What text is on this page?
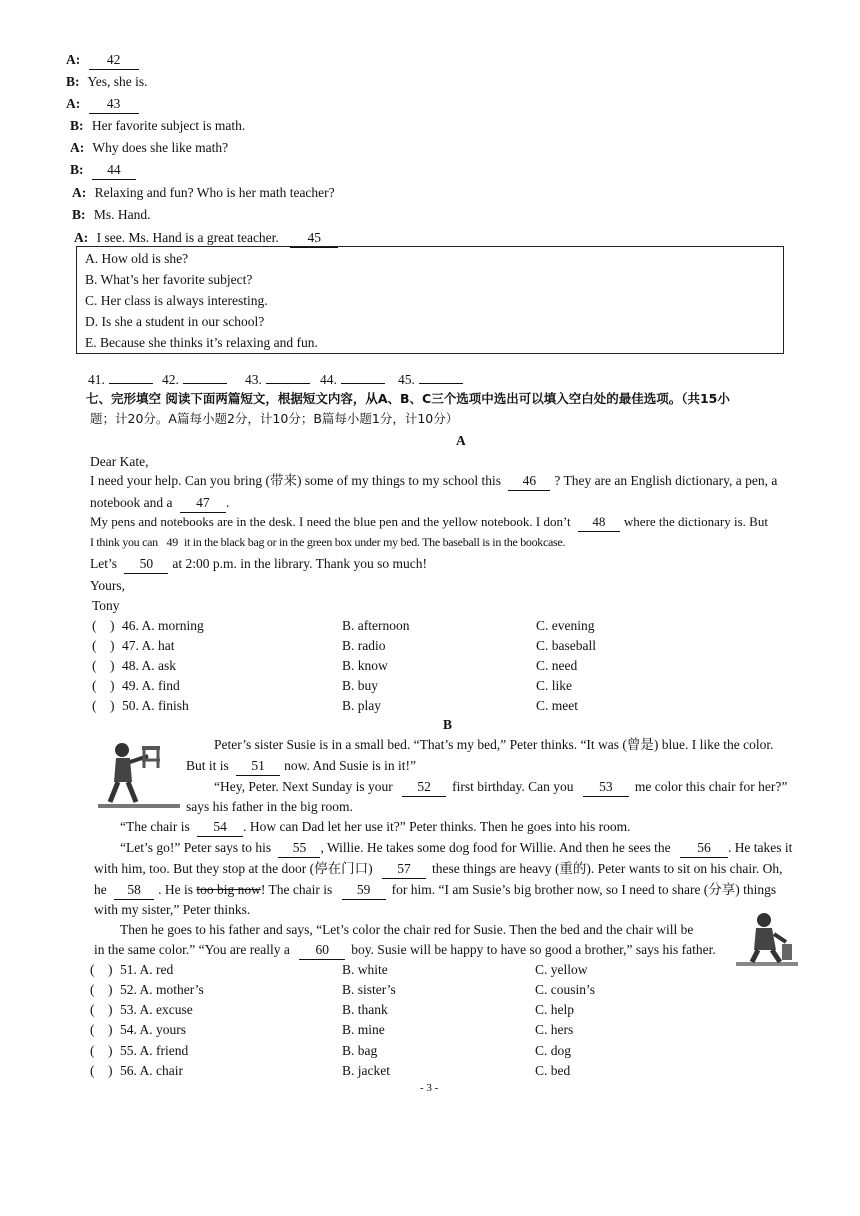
A: 42
B: Yes, she is.
A: 43
B: Her favorite subject is math.
A: Why does she like math?
B: 44
A: Relaxing and fun? Who is her math teacher?
B: Ms. Hand.
A: I see. Ms. Hand is a great teacher. 45
A. How old is she?
B. What’s her favorite subject?
C. Her class is always interesting.
D. Is she a student in our school?
E. Because she thinks it’s relaxing and fun.
41.	42.	43.	44.	45.
七、完形填空 阅读下面两篇短文，根据短文内容，从A、B、C三个选项中选出可以填入空白处的最佳选项。（共15小
题；计20分。A篇每小题2分，计10分；B篇每小题1分，计10分）
A
Dear Kate,
I need your help. Can you bring (带来) some of my things to my school this 46 ? They are an English dictionary, a pen, a
notebook and a 47 .
My pens and notebooks are in the desk. I need the blue pen and the yellow notebook. I don’t 48 where the dictionary is. But
I think you can 49 it in the black bag or in the green box under my bed. The baseball is in the bookcase.
Let’s 50 at 2:00 p.m. in the library. Thank you so much!
Yours,
Tony
(    ) 46. A. morning	B. afternoon	C. evening
(    ) 47. A. hat	B. radio	C. baseball
(    ) 48. A. ask	B. know	C. need
(    ) 49. A. find	B. buy	C. like
(    ) 50. A. finish	B. play	C. meet
B
Peter’s sister Susie is in a small bed. “That’s my bed,” Peter thinks. “It was (曾是) blue. I like the color.
But it is 51 now. And Susie is in it!”
“Hey, Peter. Next Sunday is your 52 first birthday. Can you 53 me color this chair for her?”
says his father in the big room.
“The chair is 54 . How can Dad let her use it?” Peter thinks. Then he goes into his room.
“Let’s go!” Peter says to his 55 , Willie. He takes some dog food for Willie. And then he sees the 56 . He takes it
with him, too. But they stop at the door (停在门口) 57 these things are heavy (重的). Peter wants to sit on his chair. Oh,
he 58 . He is too big now! The chair is 59 for him. “I am Susie’s big brother now, so I need to share (分享) things
with my sister,” Peter thinks.
Then he goes to his father and says, “Let’s color the chair red for Susie. Then the bed and the chair will be
in the same color.” “You are really a 60 boy. Susie will be happy to have so good a brother,” says his father.
(    ) 51. A. red	B. white	C. yellow
(    ) 52. A. mother’s	B. sister’s	C. cousin’s
(    ) 53. A. excuse	B. thank	C. help
(    ) 54. A. yours	B. mine	C. hers
(    ) 55. A. friend	B. bag	C. dog
(    ) 56. A. chair	B. jacket	C. bed
- 3 -
